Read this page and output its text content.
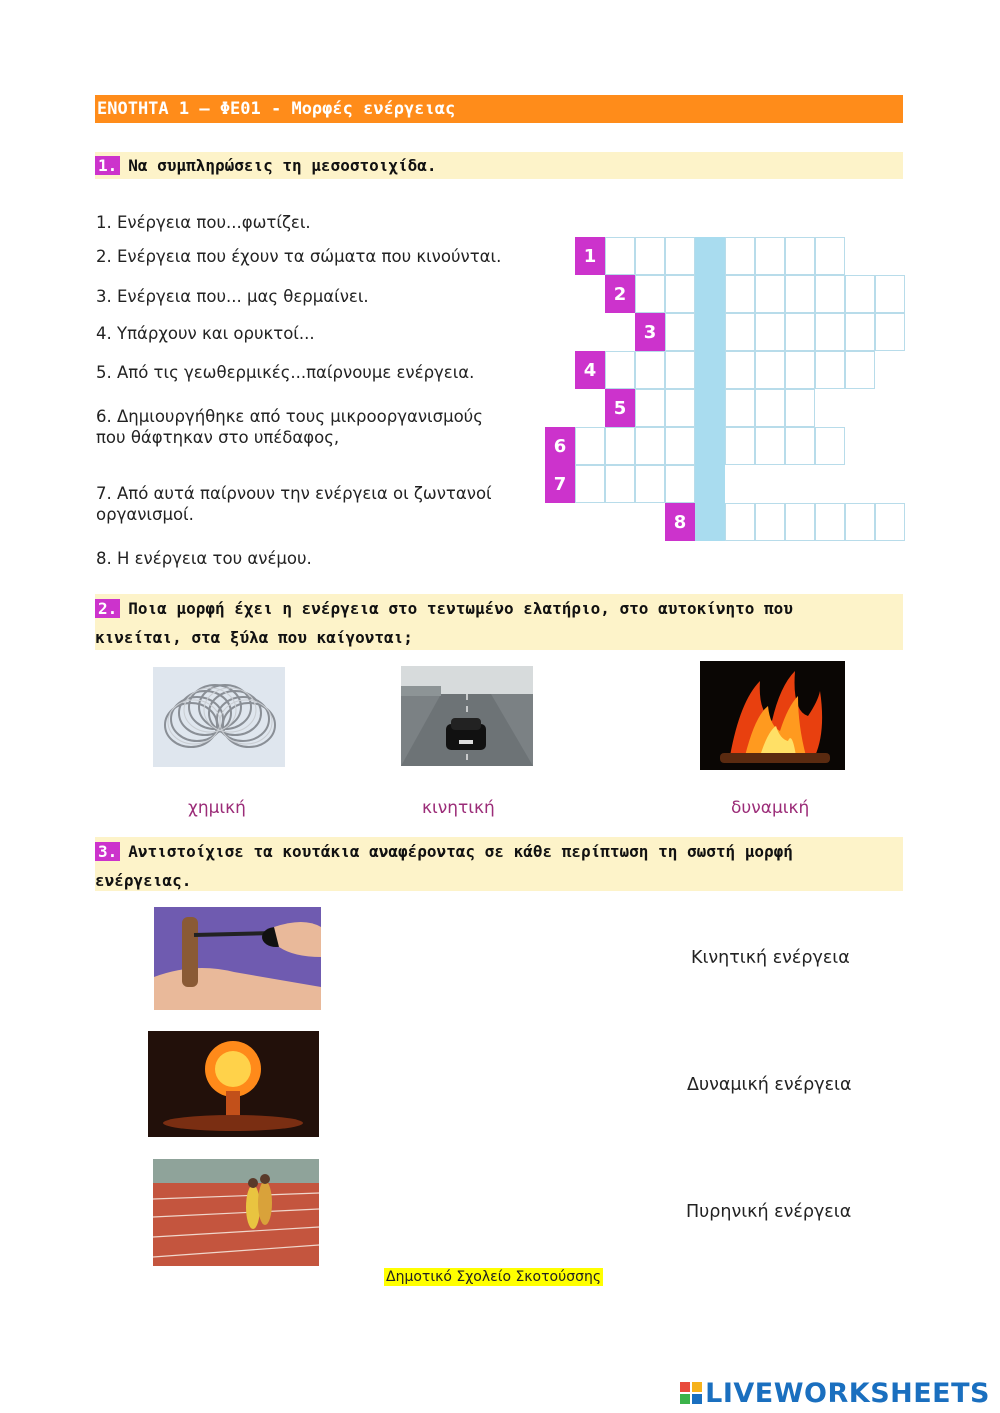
ΕΝΟΤΗΤΑ 1 – ΦΕ01 - Μορφές ενέργειας
1. Να συμπληρώσεις τη μεσοστοιχίδα.
1. Ενέργεια που...φωτίζει.
2. Ενέργεια που έχουν τα σώματα που κινούνται.
3. Ενέργεια που... μας θερμαίνει.
4. Υπάρχουν και ορυκτοί...
5. Από τις γεωθερμικές...παίρνουμε ενέργεια.
6. Δημιουργήθηκε από τους μικροοργανισμούς
που θάφτηκαν στο υπέδαφος,
7. Από αυτά παίρνουν την ενέργεια οι ζωντανοί
οργανισμοί.
8. Η ενέργεια του ανέμου.
1
2
3
4
5
6
7
8
2. Ποια μορφή έχει η ενέργεια στο τεντωμένο ελατήριο, στο αυτοκίνητο που κινείται, στα ξύλα που καίγονται;
χημική	κινητική	δυναμική
3. Αντιστοίχισε τα κουτάκια αναφέροντας σε κάθε περίπτωση τη σωστή μορφή ενέργειας.
Κινητική ενέργεια
Δυναμική ενέργεια
Πυρηνική ενέργεια
Δημοτικό Σχολείο Σκοτούσσης
LIVEWORKSHEETS
